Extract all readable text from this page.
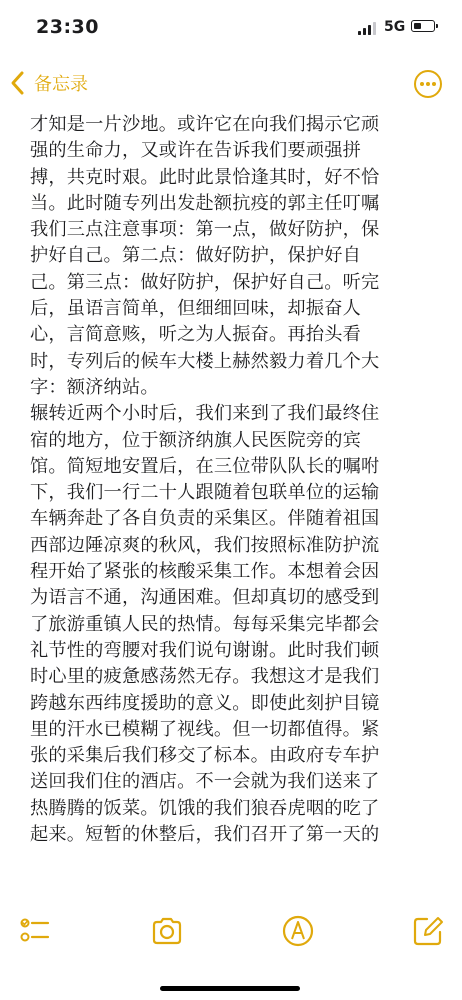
23:30	5G
备忘录

才知是一片沙地。或许它在向我们揭示它顽
强的生命力，又或许在告诉我们要顽强拼
搏，共克时艰。此时此景恰逢其时，好不恰
当。此时随专列出发赴额抗疫的郭主任叮嘱
我们三点注意事项：第一点，做好防护，保
护好自己。第二点：做好防护，保护好自
己。第三点：做好防护，保护好自己。听完
后，虽语言简单，但细细回味，却振奋人
心，言简意赅，听之为人振奋。再抬头看
时，专列后的候车大楼上赫然毅力着几个大
字：额济纳站。

辗转近两个小时后，我们来到了我们最终住
宿的地方，位于额济纳旗人民医院旁的宾
馆。简短地安置后，在三位带队队长的嘱咐
下，我们一行二十人跟随着包联单位的运输
车辆奔赴了各自负责的采集区。伴随着祖国
西部边陲凉爽的秋风，我们按照标准防护流
程开始了紧张的核酸采集工作。本想着会因
为语言不通，沟通困难。但却真切的感受到
了旅游重镇人民的热情。每每采集完毕都会
礼节性的弯腰对我们说句谢谢。此时我们顿
时心里的疲惫感荡然无存。我想这才是我们
跨越东西纬度援助的意义。即使此刻护目镜
里的汗水已模糊了视线。但一切都值得。紧
张的采集后我们移交了标本。由政府专车护
送回我们住的酒店。不一会就为我们送来了
热腾腾的饭菜。饥饿的我们狼吞虎咽的吃了
起来。短暂的休整后，我们召开了第一天的
